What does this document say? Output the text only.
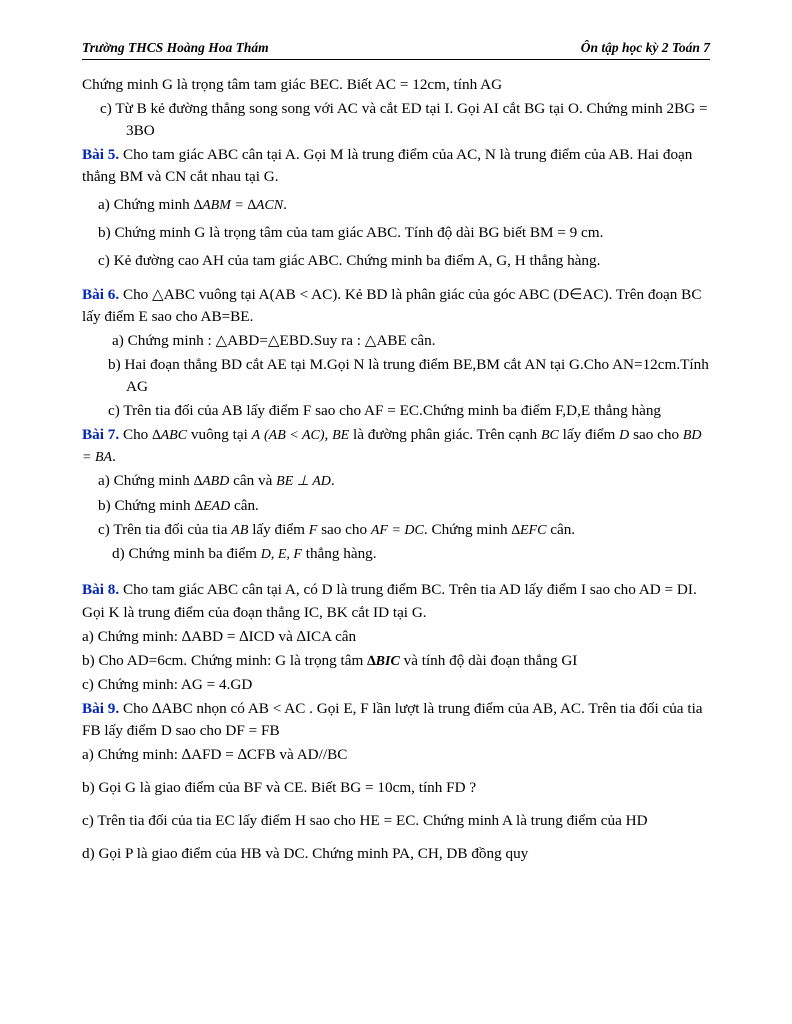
Trường THCS Hoàng Hoa Thám	Ôn tập học kỳ 2 Toán 7

Chứng minh G là trọng tâm tam giác BEC. Biết AC = 12cm, tính AG

c) Từ B kẻ đường thẳng song song với AC và cắt ED tại I. Gọi AI cắt BG tại O. Chứng minh 2BG = 3BO

Bài 5. Cho tam giác ABC cân tại A. Gọi M là trung điểm của AC, N là trung điểm của AB. Hai đoạn thẳng BM và CN cắt nhau tại G.

a) Chứng minh ∆ABM = ∆ACN.

b) Chứng minh G là trọng tâm của tam giác ABC. Tính độ dài BG biết BM = 9 cm.

c) Kẻ đường cao AH của tam giác ABC. Chứng minh ba điểm A, G, H thẳng hàng.

Bài 6. Cho △ABC vuông tại A(AB < AC). Kẻ BD là phân giác của góc ABC (D∈AC). Trên đoạn BC lấy điểm E sao cho AB=BE.

a) Chứng minh : △ABD=△EBD.Suy ra : △ABE cân.

b) Hai đoạn thẳng BD cắt AE tại M.Gọi N là trung điểm BE,BM cắt AN tại G.Cho AN=12cm.Tính AG

c) Trên tia đối của AB lấy điểm F sao cho AF = EC.Chứng minh ba điểm F,D,E thẳng hàng

Bài 7. Cho ∆ABC vuông tại A (AB < AC), BE là đường phân giác. Trên cạnh BC lấy điểm D sao cho BD = BA.

a) Chứng minh ∆ABD cân và BE ⊥ AD.

b) Chứng minh ∆EAD cân.

c) Trên tia đối của tia AB lấy điểm F sao cho AF = DC. Chứng minh ∆EFC cân.

d) Chứng minh ba điểm D, E, F thẳng hàng.

Bài 8. Cho tam giác ABC cân tại A, có D là trung điểm BC. Trên tia AD lấy điểm I sao cho AD = DI. Gọi K là trung điểm của đoạn thẳng IC, BK cắt ID tại G.

a) Chứng minh: ∆ABD = ∆ICD và ∆ICA cân

b) Cho AD=6cm. Chứng minh: G là trọng tâm ∆BIC và tính độ dài đoạn thẳng GI

c) Chứng minh: AG = 4.GD

Bài 9. Cho ∆ABC nhọn có AB < AC . Gọi E, F lần lượt là trung điểm của AB, AC. Trên tia đối của tia FB lấy điểm D sao cho DF = FB

a) Chứng minh: ∆AFD = ∆CFB và AD//BC

b) Gọi G là giao điểm của BF và CE. Biết BG = 10cm, tính FD ?

c) Trên tia đối của tia EC lấy điểm H sao cho HE = EC. Chứng minh A là trung điểm của HD

d) Gọi P là giao điểm của HB và DC. Chứng minh PA, CH, DB đồng quy
